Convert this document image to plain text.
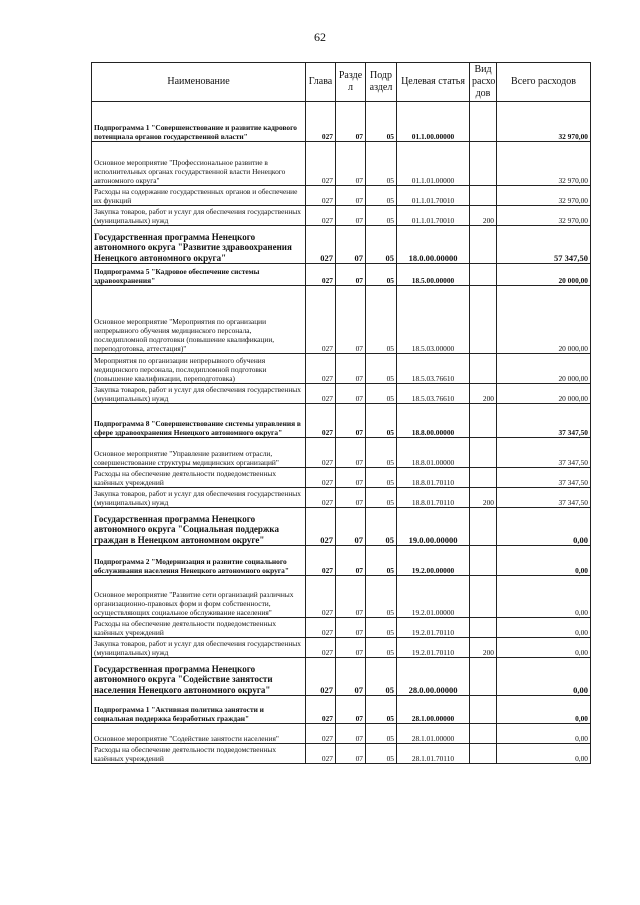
62
Наименование	Глава	Разде л	Подр аздел	Целевая статья	Вид расхо дов	Всего расходов
Подпрограмма 1 "Совершенствование и развитие кадрового потенциала органов государственной власти"	027	07	05	01.1.00.00000		32 970,00
Основное мероприятие "Профессиональное развитие в исполнительных органах государственной власти Ненецкого автономного округа"	027	07	05	01.1.01.00000		32 970,00
Расходы на содержание государственных органов и обеспечение их функций	027	07	05	01.1.01.70010		32 970,00
Закупка товаров, работ и услуг для обеспечения государственных (муниципальных) нужд	027	07	05	01.1.01.70010	200	32 970,00
Государственная программа Ненецкого автономного округа "Развитие здравоохранения Ненецкого автономного округа"	027	07	05	18.0.00.00000		57 347,50
Подпрограмма 5 "Кадровое обеспечение системы здравоохранения"	027	07	05	18.5.00.00000		20 000,00
Основное мероприятие "Мероприятия по организации непрерывного обучения медицинского персонала, последипломной подготовки (повышение квалификации, переподготовка, аттестация)"	027	07	05	18.5.03.00000		20 000,00
Мероприятия по организации непрерывного обучения медицинского персонала, последипломной подготовки (повышение квалификации, переподготовка)	027	07	05	18.5.03.76610		20 000,00
Закупка товаров, работ и услуг для обеспечения государственных (муниципальных) нужд	027	07	05	18.5.03.76610	200	20 000,00
Подпрограмма 8 "Совершенствование системы управления в сфере здравоохранения Ненецкого автономного округа"	027	07	05	18.8.00.00000		37 347,50
Основное мероприятие "Управление развитием отрасли, совершенствование структуры медицинских организаций"	027	07	05	18.8.01.00000		37 347,50
Расходы на обеспечение деятельности подведомственных казённых учреждений	027	07	05	18.8.01.70110		37 347,50
Закупка товаров, работ и услуг для обеспечения государственных (муниципальных) нужд	027	07	05	18.8.01.70110	200	37 347,50
Государственная программа Ненецкого автономного округа "Социальная поддержка граждан в Ненецком автономном округе"	027	07	05	19.0.00.00000		0,00
Подпрограмма 2 "Модернизация и развитие социального обслуживания населения Ненецкого автономного округа"	027	07	05	19.2.00.00000		0,00
Основное мероприятие "Развитие сети организаций различных организационно-правовых форм и форм собственности, осуществляющих социальное обслуживание населения"	027	07	05	19.2.01.00000		0,00
Расходы на обеспечение деятельности подведомственных казённых учреждений	027	07	05	19.2.01.70110		0,00
Закупка товаров, работ и услуг для обеспечения государственных (муниципальных) нужд	027	07	05	19.2.01.70110	200	0,00
Государственная программа Ненецкого автономного округа "Содействие занятости населения Ненецкого автономного округа"	027	07	05	28.0.00.00000		0,00
Подпрограмма 1 "Активная политика занятости и социальная поддержка безработных граждан"	027	07	05	28.1.00.00000		0,00
Основное мероприятие "Содействие занятости населения"	027	07	05	28.1.01.00000		0,00
Расходы на обеспечение деятельности подведомственных казённых учреждений	027	07	05	28.1.01.70110		0,00
